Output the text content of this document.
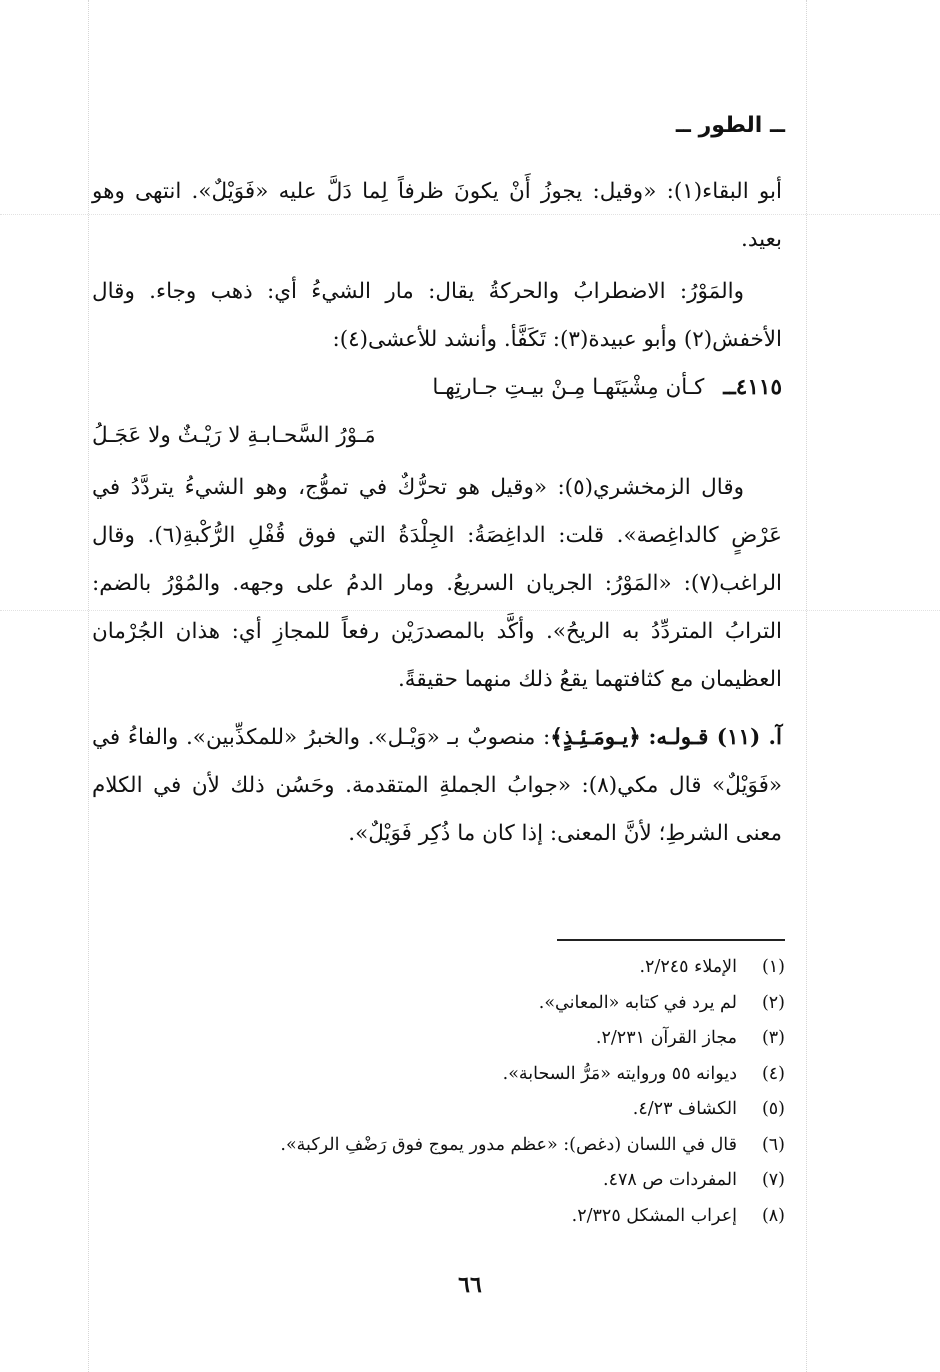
ــ الطور ــ

أبو البقاء(١): «وقيل: يجوزُ أَنْ يكونَ ظرفاً لِما دَلَّ عليه «فَوَيْلٌ». انتهى وهو بعيد.

والمَوْرُ: الاضطرابُ والحركةُ يقال: مار الشيءُ أي: ذهب وجاء. وقال الأخفش(٢) وأبو عبيدة(٣): تَكَفَّأ. وأنشد للأعشى(٤):

٤١١٥ــ كـأن مِشْيَتَهـا مِـنْ بيـتِ جـارتِهـا

مَـوْرُ السَّحـابـةِ لا رَيْـثٌ ولا عَجَـلُ

وقال الزمخشري(٥): «وقيل هو تحرُّكٌ في تموُّج، وهو الشيءُ يتردَّدُ في عَرْضٍ كالداغِصة». قلت: الداغِصَةُ: الجِلْدَةُ التي فوق قُفْلِ الرُّكْبةِ(٦). وقال الراغب(٧): «المَوْرُ: الجريان السريعُ. ومار الدمُ على وجهه. والمُوْرُ بالضم: الترابُ المتردِّدُ به الريحُ». وأكَّد بالمصدرَيْن رفعاً للمجازِ أي: هذان الجُرْمان العظيمان مع كثافتهما يقعُ ذلك منهما حقيقةً.

آ. (١١) قـولـه: ﴿يـومَـئِـذٍ﴾: منصوبٌ بـ «وَيْـل». والخبرُ «للمكذِّبين». والفاءُ في «فَوَيْلٌ» قال مكي(٨): «جوابُ الجملةِ المتقدمة. وحَسُن ذلك لأن في الكلام معنى الشرطِ؛ لأنَّ المعنى: إذا كان ما ذُكِر فَوَيْلٌ».

(١)
الإملاء ٢/٢٤٥.
(٢)
لم يرد في كتابه «المعاني».
(٣)
مجاز القرآن ٢/٢٣١.
(٤)
ديوانه ٥٥ وروايته «مَرُّ السحابة».
(٥)
الكشاف ٤/٢٣.
(٦)
قال في اللسان (دغص): «عظم مدور يموج فوق رَضْفِ الركبة».
(٧)
المفردات ص ٤٧٨.
(٨)
إعراب المشكل ٢/٣٢٥.
٦٦
